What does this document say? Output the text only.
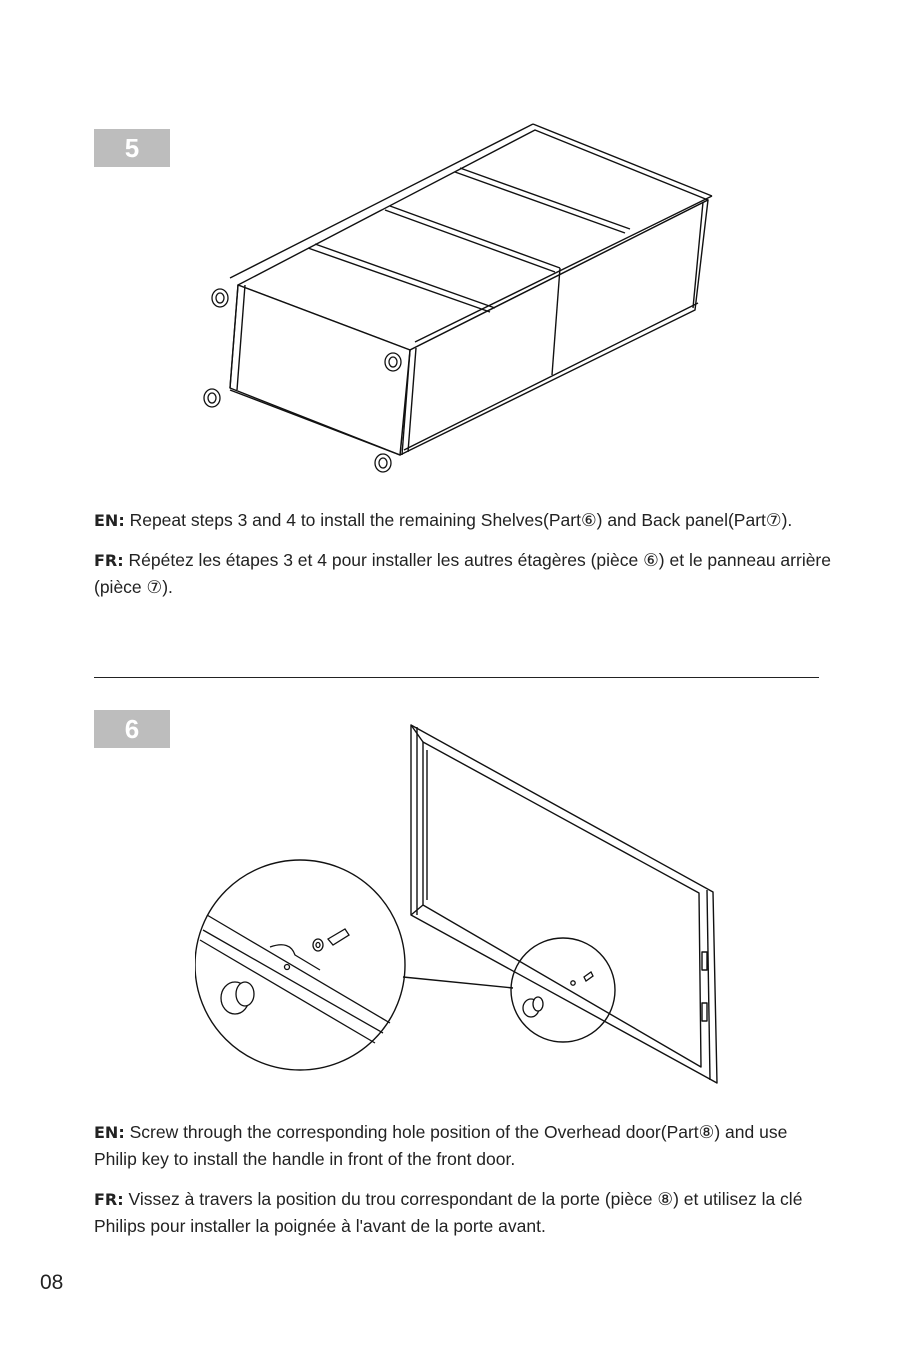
5

EN: Repeat steps 3 and 4 to install the remaining Shelves(Part⑥) and Back panel(Part⑦).

FR: Répétez les étapes 3 et 4 pour installer les autres étagères (pièce ⑥) et le panneau arrière (pièce ⑦).

6

EN: Screw through the corresponding hole position of the Overhead door(Part⑧) and use Philip key to install the handle in front of the front door.

FR: Vissez à travers la position du trou correspondant de la porte (pièce ⑧) et utilisez la clé Philips pour installer la poignée à l'avant de la porte avant.

08
